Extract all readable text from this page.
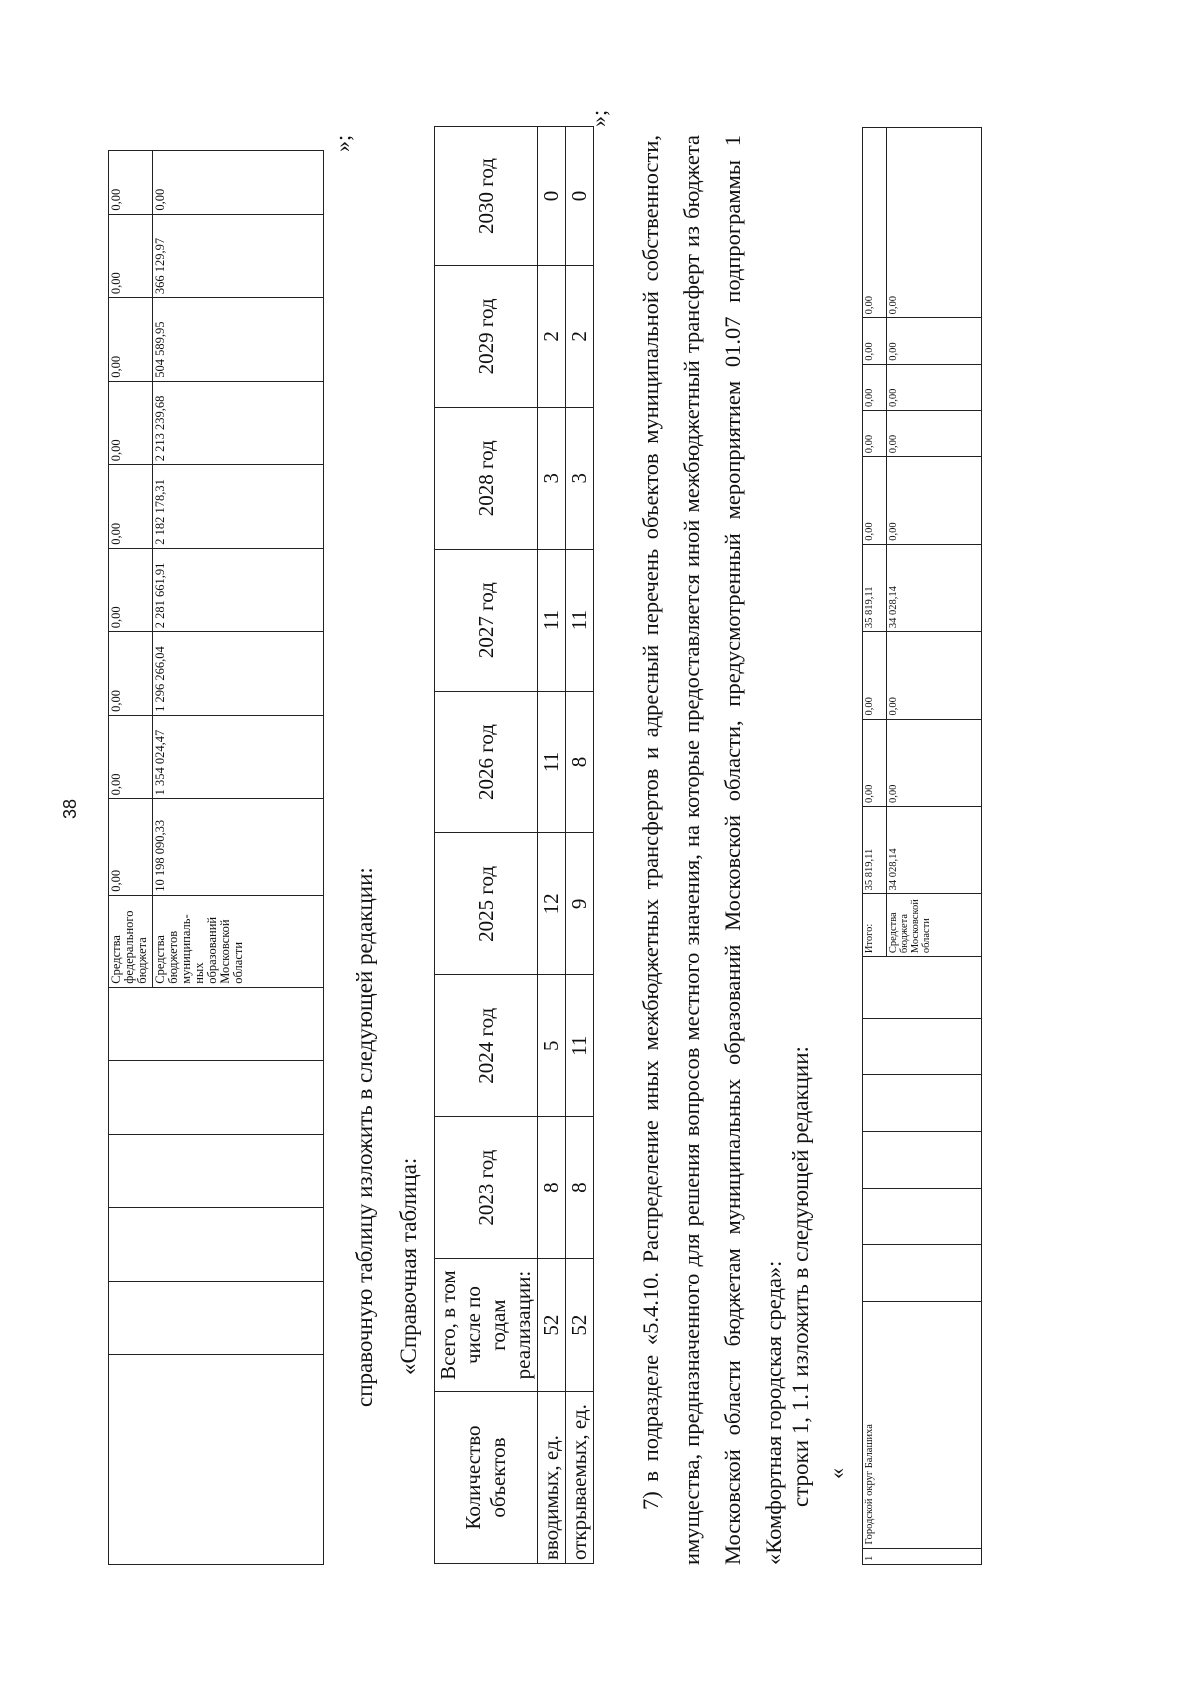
38
						Средства федерального бюджета	0,00	0,00	0,00	0,00	0,00	0,00	0,00	0,00	0,00
						Средства бюджетов муниципаль-ных образований Московской области	10 198 090,33	1 354 024,47	1 296 266,04	2 281 661,91	2 182 178,31	2 213 239,68	504 589,95	366 129,97	0,00
»;
справочную таблицу изложить в следующей редакции: «Справочная таблица:
Количество объектов	Всего, в том числе по годам реализации:	2023 год	2024 год	2025 год	2026 год	2027 год	2028 год	2029 год	2030 год
вводимых, ед.	52	8	5	12	11	11	3	2	0
открываемых, ед.	52	8	11	9	8	11	3	2	0
»;

7) в подразделе «5.4.10. Распределение иных межбюджетных трансфертов и адресный перечень объектов муниципальной собственности, имущества, предназначенного для решения вопросов местного значения, на которые предоставляется иной межбюджетный трансферт из бюджета Московской области бюджетам муниципальных образований Московской области, предусмотренный мероприятием 01.07 подпрограммы 1 «Комфортная городская среда»: строки 1, 1.1 изложить в следующей редакции: «
1	Городской округ Балашиха							Итого:	35 819,11	0,00	0,00	35 819,11	0,00	0,00	0,00	0,00	0,00
								Средства бюджета Московской области	34 028,14	0,00	0,00	34 028,14	0,00	0,00	0,00	0,00	0,00
